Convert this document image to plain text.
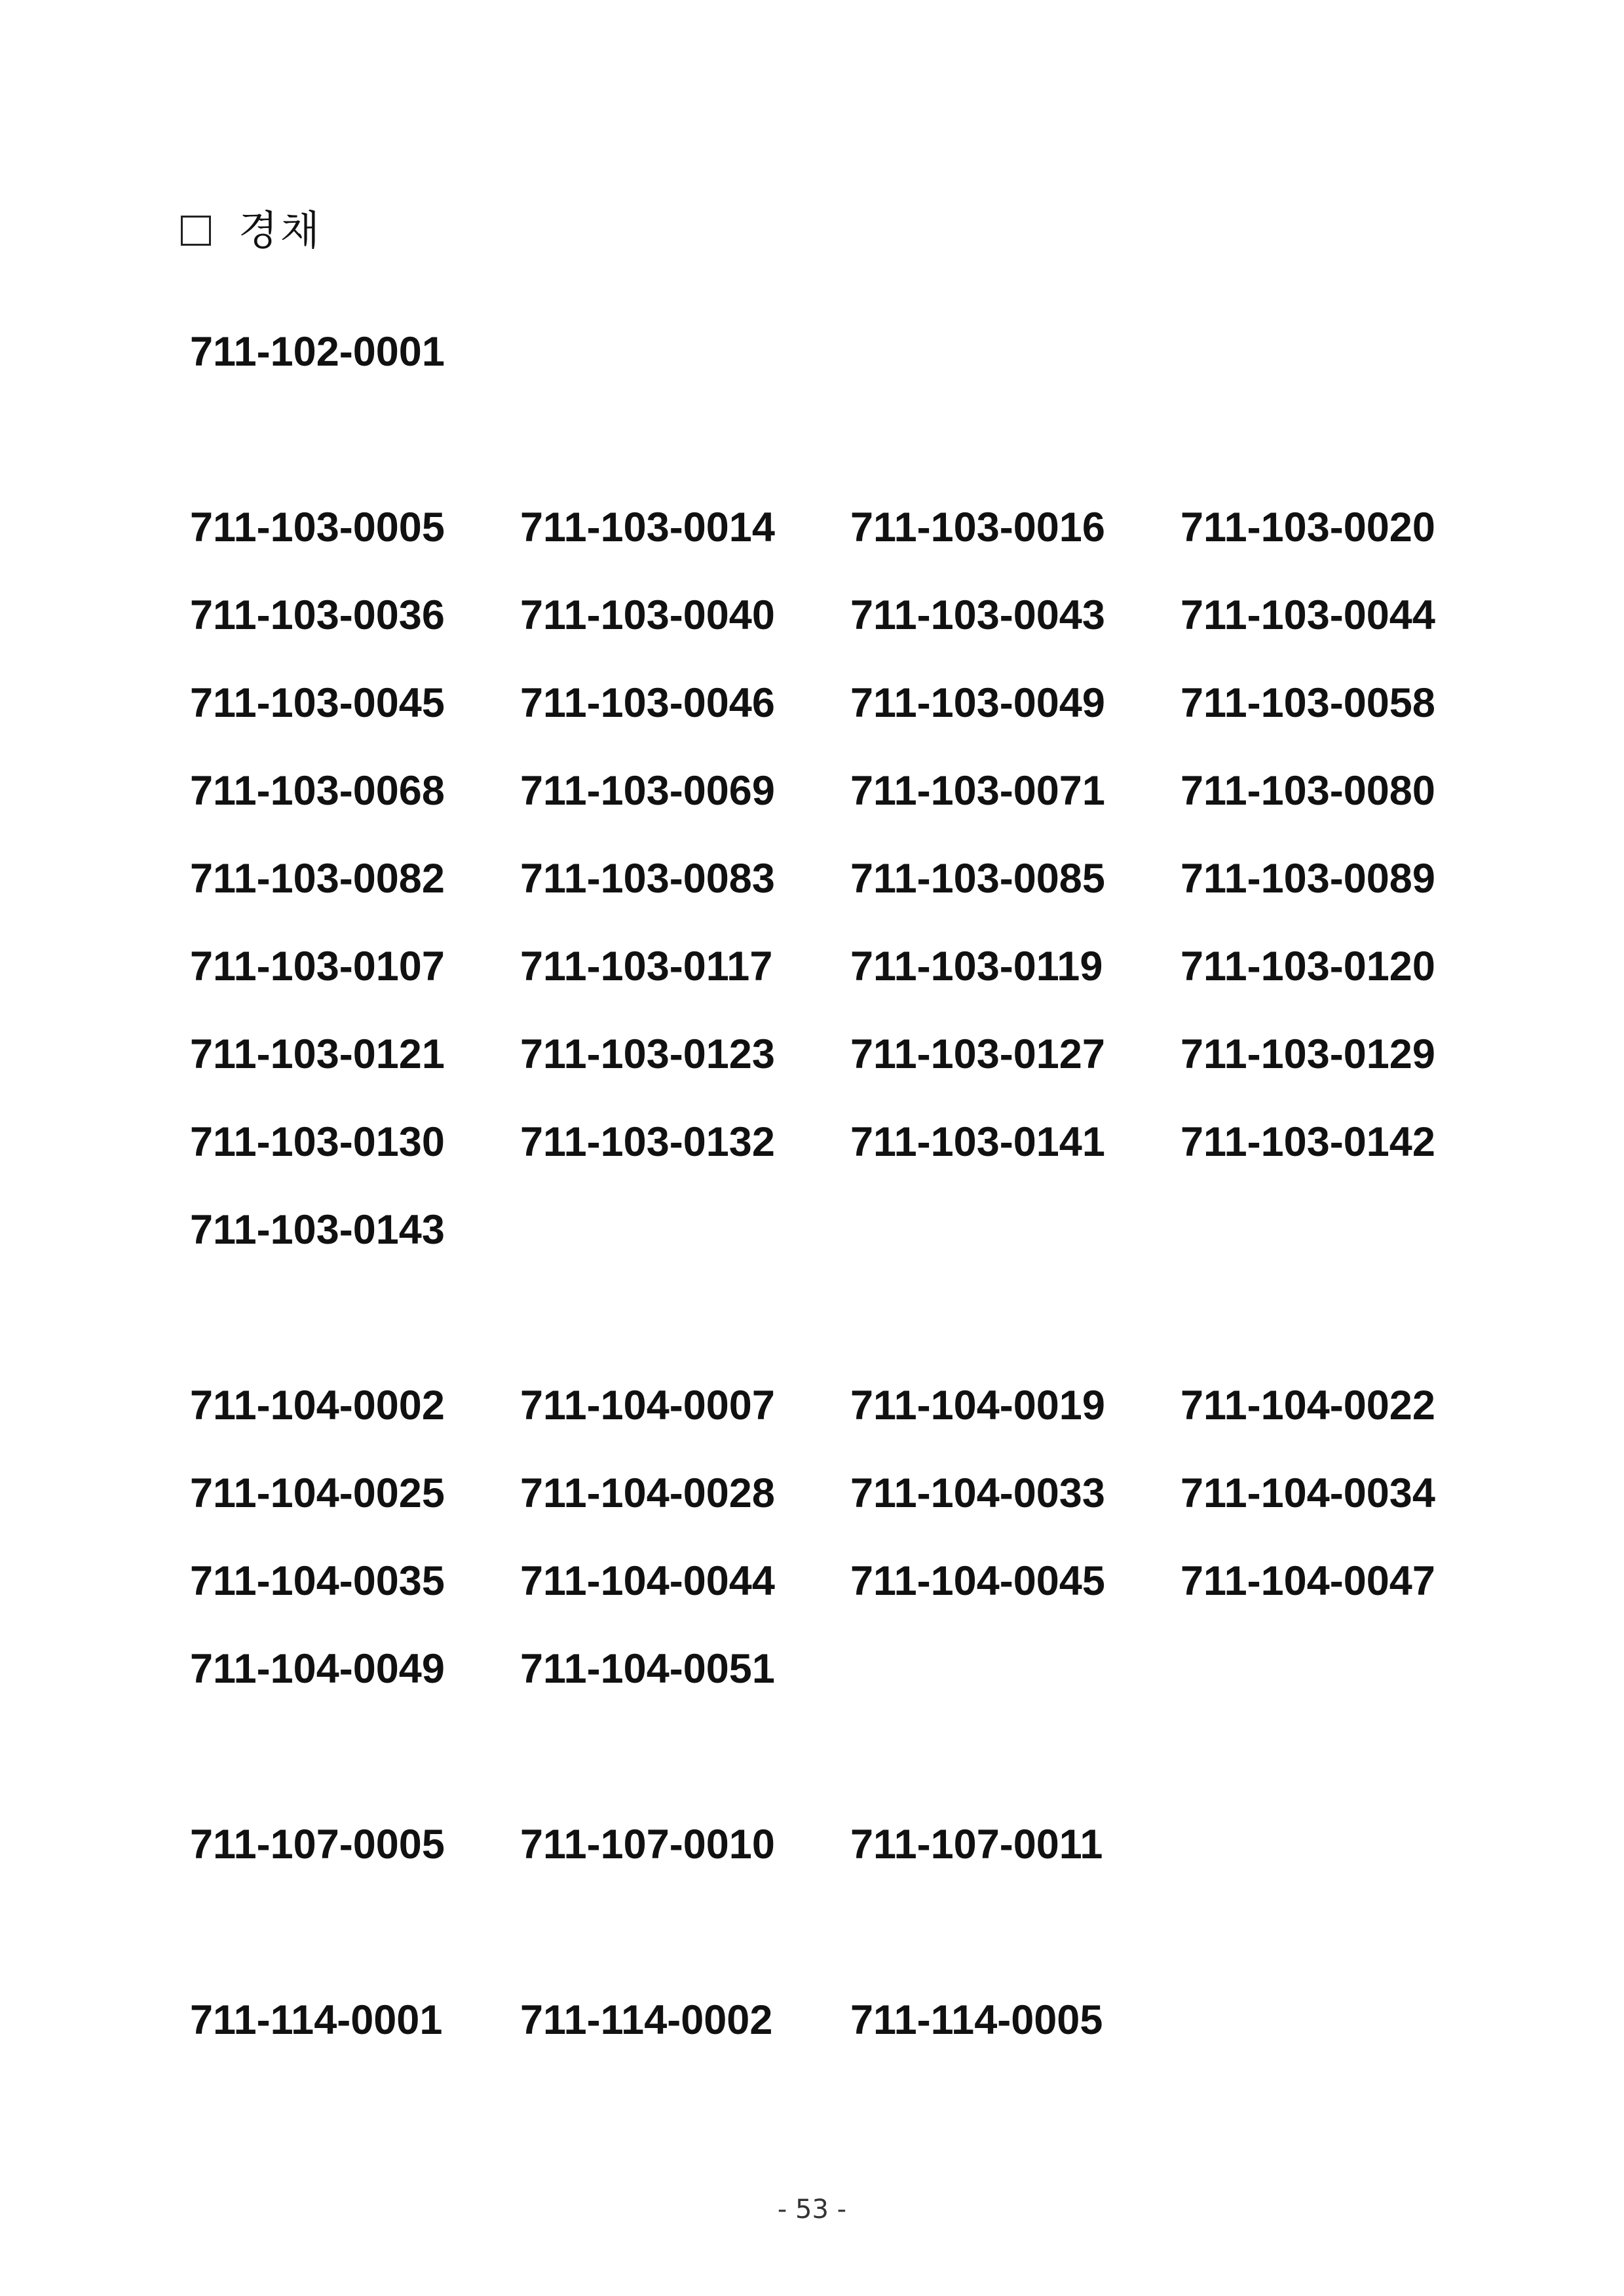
경채
711-102-0001
711-103-0005	711-103-0014	711-103-0016	711-103-0020
711-103-0036	711-103-0040	711-103-0043	711-103-0044
711-103-0045	711-103-0046	711-103-0049	711-103-0058
711-103-0068	711-103-0069	711-103-0071	711-103-0080
711-103-0082	711-103-0083	711-103-0085	711-103-0089
711-103-0107	711-103-0117	711-103-0119	711-103-0120
711-103-0121	711-103-0123	711-103-0127	711-103-0129
711-103-0130	711-103-0132	711-103-0141	711-103-0142
711-103-0143
711-104-0002	711-104-0007	711-104-0019	711-104-0022
711-104-0025	711-104-0028	711-104-0033	711-104-0034
711-104-0035	711-104-0044	711-104-0045	711-104-0047
711-104-0049	711-104-0051
711-107-0005	711-107-0010	711-107-0011
711-114-0001	711-114-0002	711-114-0005
- 53 -
